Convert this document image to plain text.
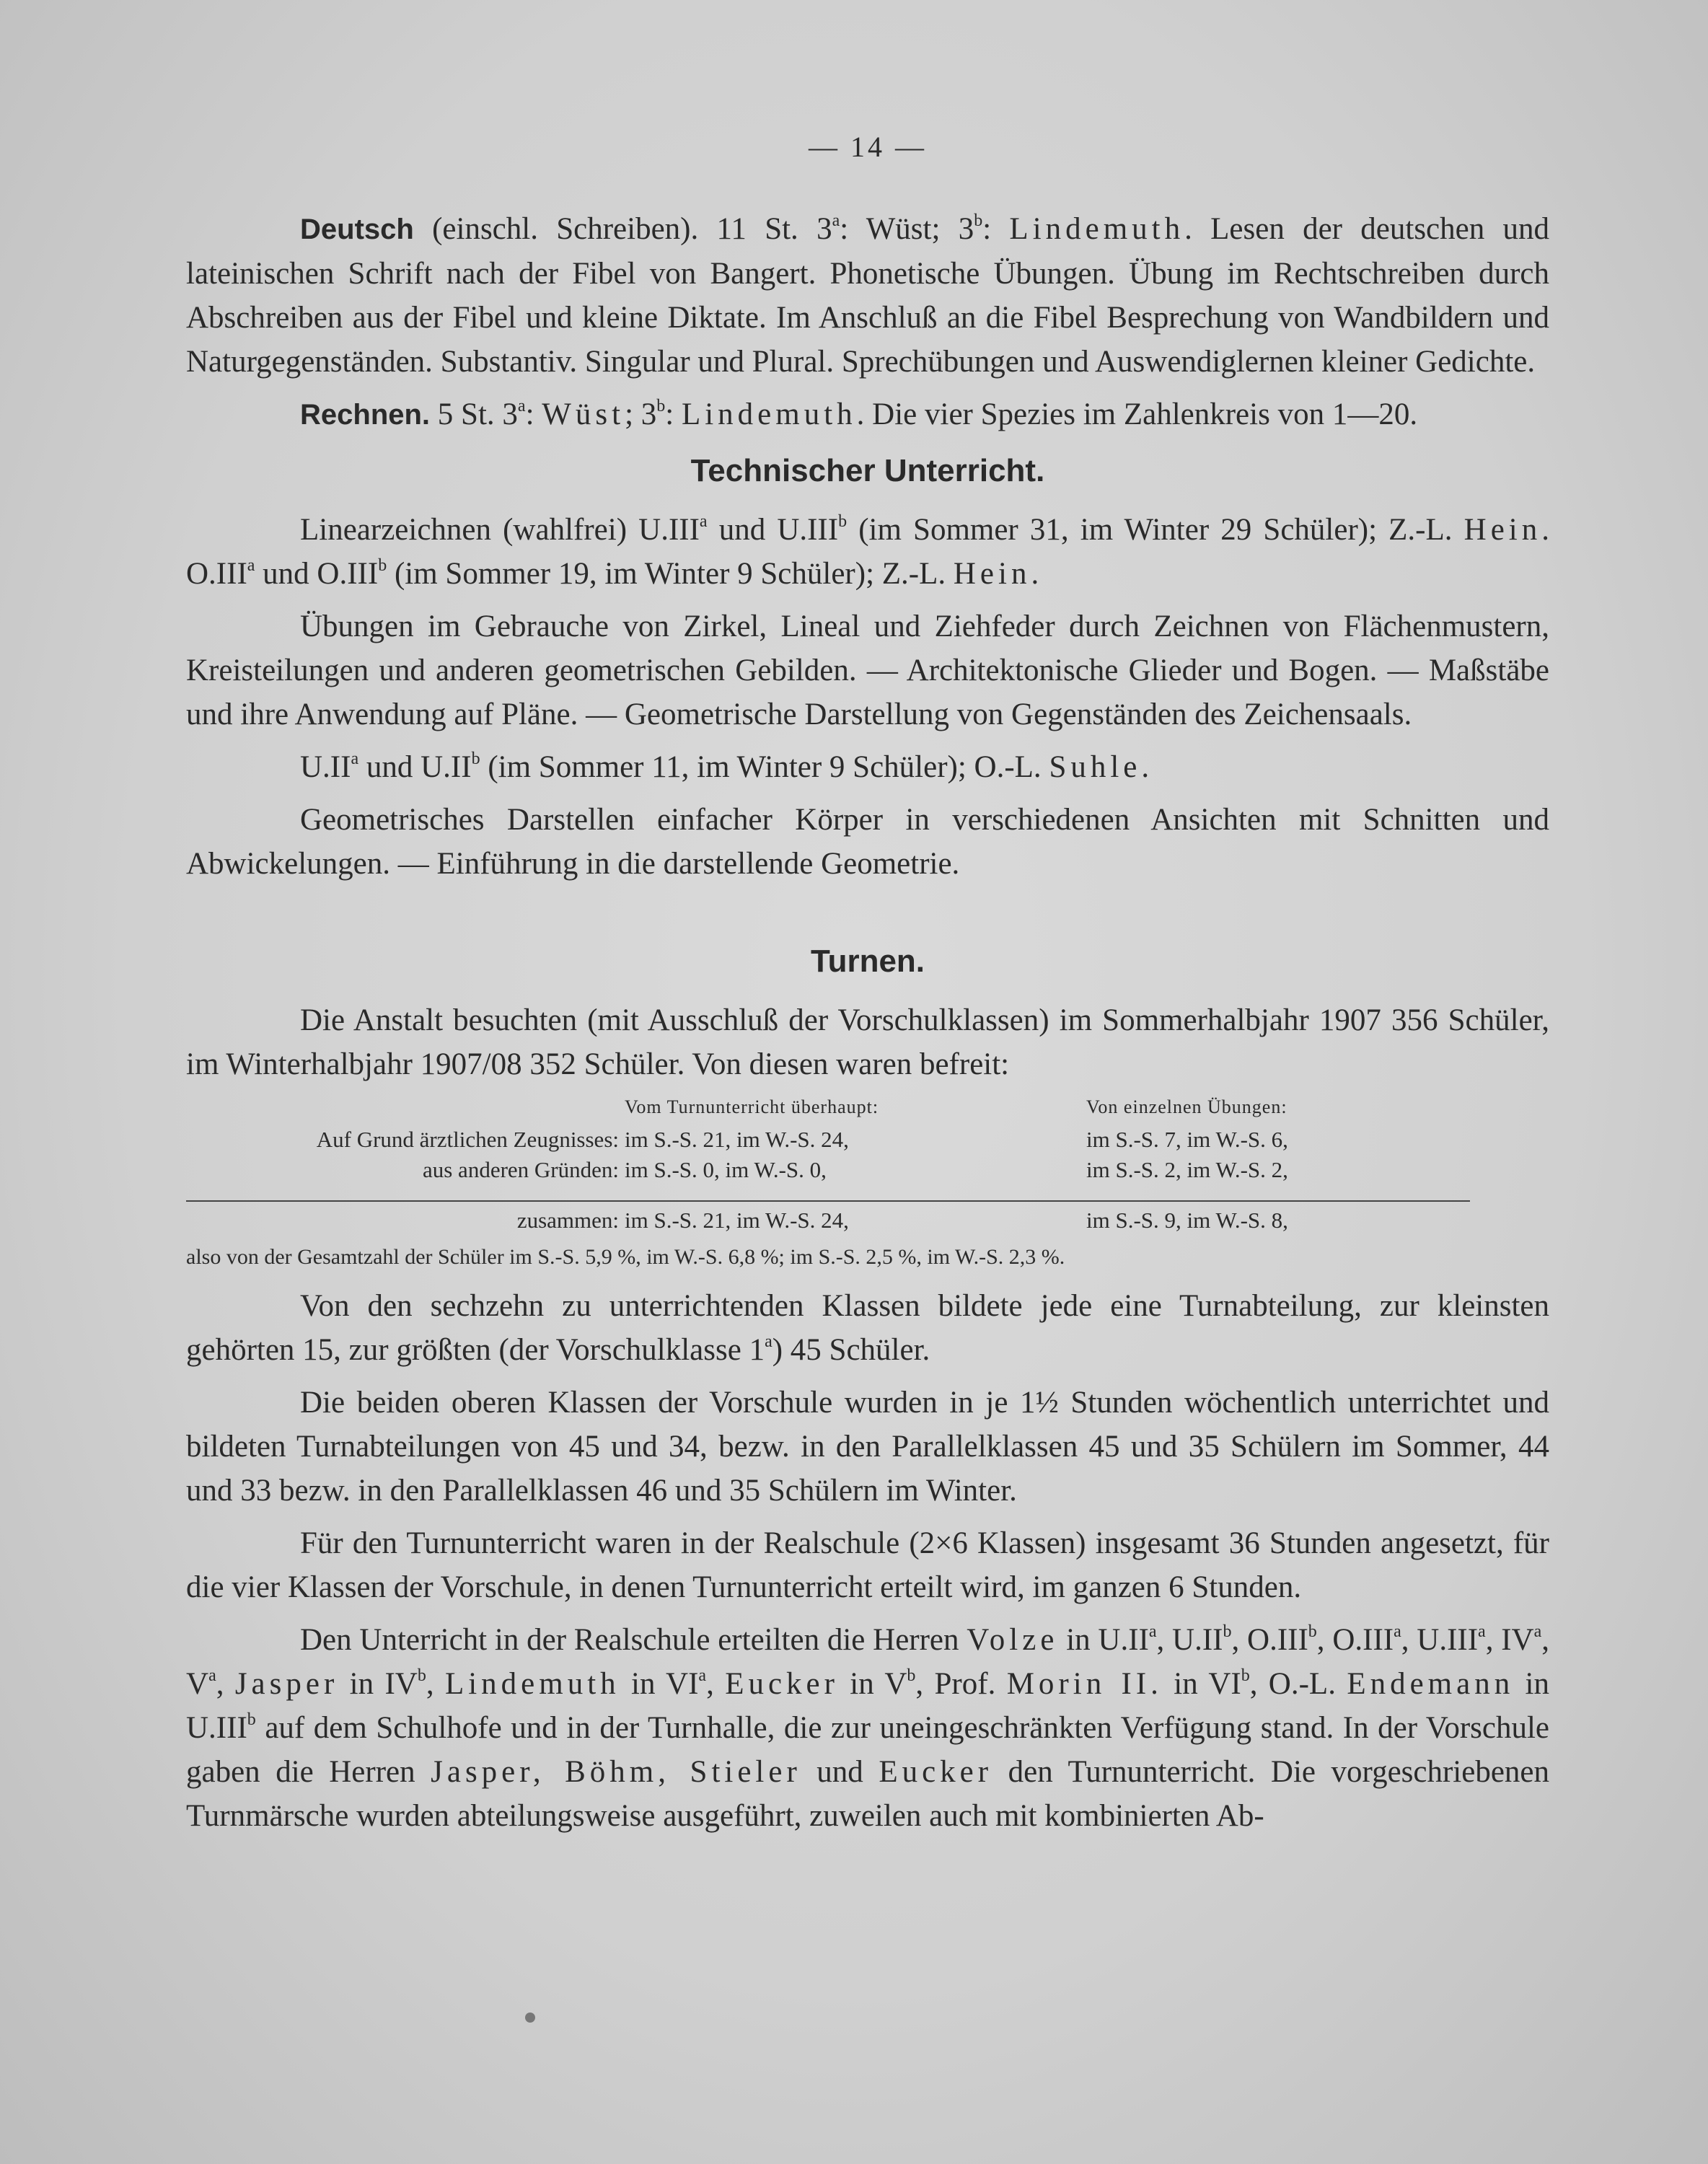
— 14 —

Deutsch (einschl. Schreiben). 11 St. 3$^a$: Wüst; 3$^b$: Lindemuth. Lesen der deutschen und lateinischen Schrift nach der Fibel von Bangert. Phonetische Übungen. Übung im Rechtschreiben durch Abschreiben aus der Fibel und kleine Diktate. Im Anschluß an die Fibel Besprechung von Wandbildern und Naturgegenständen. Substantiv. Singular und Plural. Sprechübungen und Auswendiglernen kleiner Gedichte.

Rechnen. 5 St. 3$^a$: Wüst; 3$^b$: Lindemuth. Die vier Spezies im Zahlenkreis von 1—20.

Technischer Unterricht.

Linearzeichnen (wahlfrei) U.III$^a$ und U.III$^b$ (im Sommer 31, im Winter 29 Schüler); Z.-L. Hein. O.III$^a$ und O.III$^b$ (im Sommer 19, im Winter 9 Schüler); Z.-L. Hein.

Übungen im Gebrauche von Zirkel, Lineal und Ziehfeder durch Zeichnen von Flächenmustern, Kreisteilungen und anderen geometrischen Gebilden. — Architektonische Glieder und Bogen. — Maßstäbe und ihre Anwendung auf Pläne. — Geometrische Darstellung von Gegenständen des Zeichensaals.

$U.II^a$ und $U.II^b$ (im Sommer 11, im Winter 9 Schüler); O.-L. Suhle.

Geometrisches Darstellen einfacher Körper in verschiedenen Ansichten mit Schnitten und Abwickelungen. — Einführung in die darstellende Geometrie.

Turnen.

Die Anstalt besuchten (mit Ausschluß der Vorschulklassen) im Sommerhalbjahr 1907 356 Schüler, im Winterhalbjahr 1907/08 352 Schüler. Von diesen waren befreit:

Vom Turnunterricht überhaupt:	Von einzelnen Übungen:
Auf Grund ärztlichen Zeugnisses: im S.-S. 21, im W.-S. 24,	im S.-S. 7, im W.-S. 6,
aus anderen Gründen: im S.-S. 0, im W.-S. 0,	im S.-S. 2, im W.-S. 2,
zusammen: im S.-S. 21, im W.-S. 24,	im S.-S. 9, im W.-S. 8,
also von der Gesamtzahl der Schüler im S.-S. 5,9 %, im W.-S. 6,8 %; im S.-S. 2,5 %, im W.-S. 2,3 %.

Von den sechzehn zu unterrichtenden Klassen bildete jede eine Turnabteilung, zur kleinsten gehörten 15, zur größten (der Vorschulklasse 1$^a$) 45 Schüler.

Die beiden oberen Klassen der Vorschule wurden in je 1½ Stunden wöchentlich unterrichtet und bildeten Turnabteilungen von 45 und 34, bezw. in den Parallelklassen 45 und 35 Schülern im Sommer, 44 und 33 bezw. in den Parallelklassen 46 und 35 Schülern im Winter.

Für den Turnunterricht waren in der Realschule (2×6 Klassen) insgesamt 36 Stunden angesetzt, für die vier Klassen der Vorschule, in denen Turnunterricht erteilt wird, im ganzen 6 Stunden.

Den Unterricht in der Realschule erteilten die Herren Volze in $U.II^a$, $U.II^b$, O.III$^b$, O.III$^a$, U.III$^a$, $IV^a$, $V^a$, Jasper in $IV^b$, Lindemuth in $VI^a$, Eucker in $V^b$, Prof. Morin II. in $VI^b$, O.-L. Endemann in U.III$^b$ auf dem Schulhofe und in der Turnhalle, die zur uneingeschränkten Verfügung stand. In der Vorschule gaben die Herren Jasper, Böhm, Stieler und Eucker den Turnunterricht. Die vorgeschriebenen Turnmärsche wurden abteilungsweise ausgeführt, zuweilen auch mit kombinierten Ab-
